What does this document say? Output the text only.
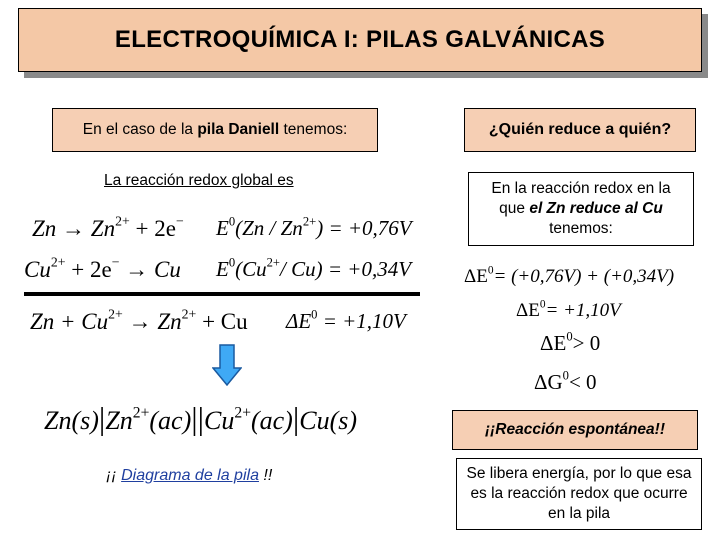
ELECTROQUÍMICA I: PILAS GALVÁNICAS
En el caso de la pila Daniell tenemos:
La reacción redox global es
$Zn \to Zn^{2+} + 2e^-$ $E^0(Zn / Zn^{2+}) = +0,76V$
$Cu^{2+} + 2e^- \to Cu$ $E^0(Cu^{2+}/$ Cu) = +0,34V
$Zn + Cu^{2+} \to Zn^{2+} + Cu$ $\Delta E^0 = +1,10V$
$Zn(s)|Zn^{2+}(ac)||Cu^{2+}(ac)|Cu(s)$
¡¡ Diagrama de la pila !!
¿Quién reduce a quién?
En la reacción redox en la
que el Zn reduce al Cu
tenemos:
$\Delta E^0= (+0,76V) + (+0,34V)$
$\Delta E^0= +1,10V$
$\Delta E^0> 0$
$\Delta G^0< 0$
¡¡Reacción espontánea!!
Se libera energía, por lo que esa es la reacción redox que ocurre en la pila
